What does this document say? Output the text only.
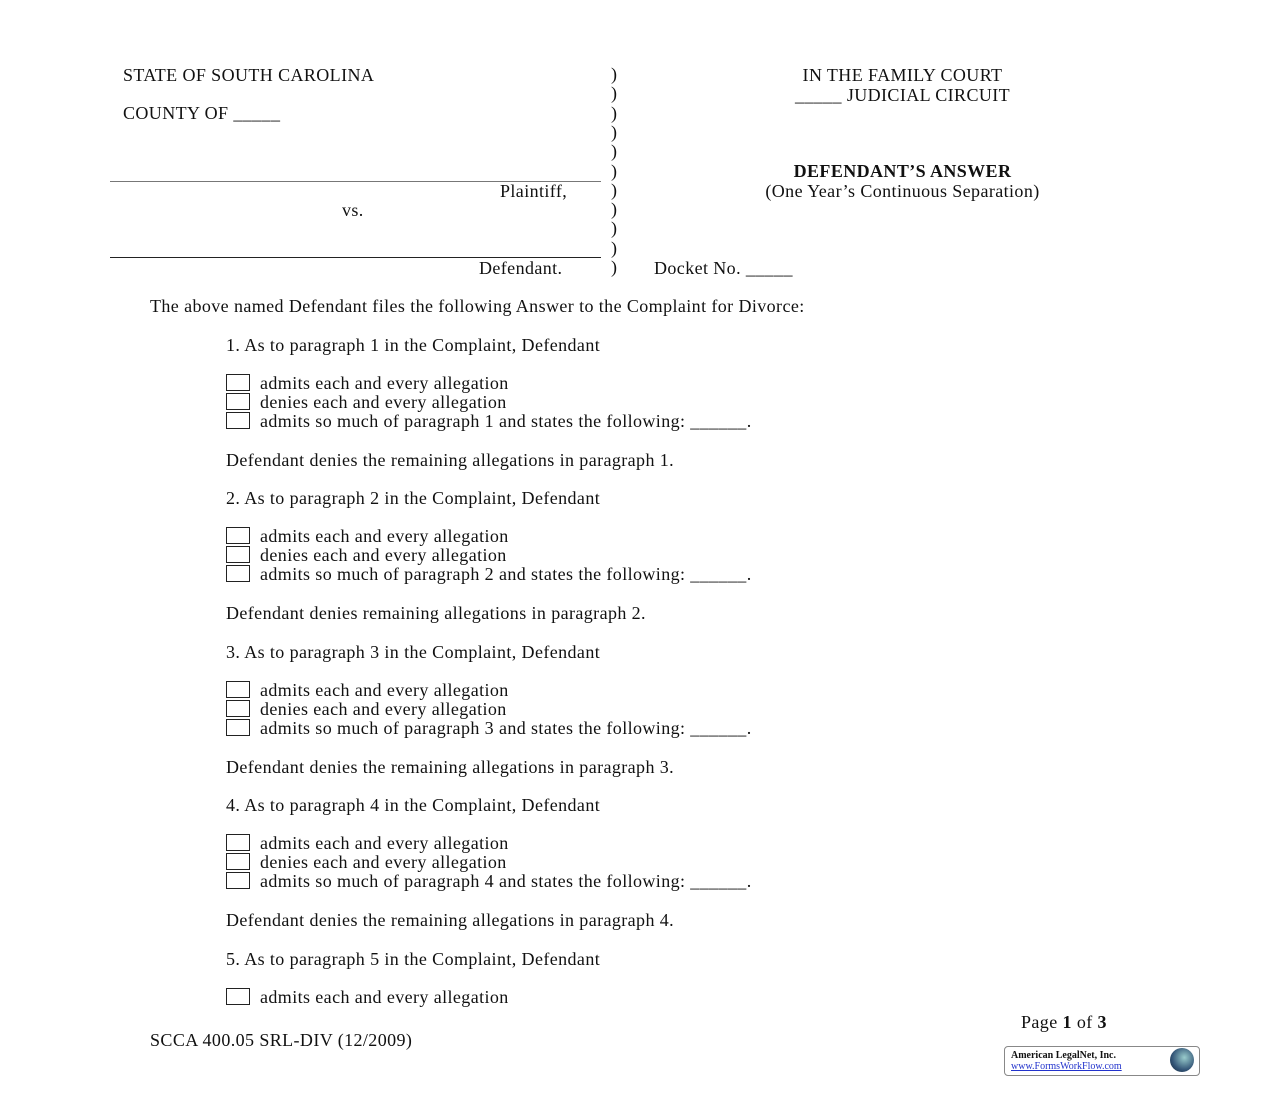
STATE OF SOUTH CAROLINA
COUNTY OF _____
Plaintiff,
vs.
Defendant.
)
)
)
)
)
)
)
)
)
)
)
IN THE FAMILY COURT
_____ JUDICIAL CIRCUIT
DEFENDANT’S ANSWER
(One Year’s Continuous Separation)
Docket No. _____
The above named Defendant files the following Answer to the Complaint for Divorce:
1. As to paragraph 1 in the Complaint, Defendant
admits each and every allegation
denies each and every allegation
admits so much of paragraph 1 and states the following: ______.
Defendant denies the remaining allegations in paragraph 1.
2. As to paragraph 2 in the Complaint, Defendant
admits each and every allegation
denies each and every allegation
admits so much of paragraph 2 and states the following: ______.
Defendant denies remaining allegations in paragraph 2.
3. As to paragraph 3 in the Complaint, Defendant
admits each and every allegation
denies each and every allegation
admits so much of paragraph 3 and states the following: ______.
Defendant denies the remaining allegations in paragraph 3.
4. As to paragraph 4 in the Complaint, Defendant
admits each and every allegation
denies each and every allegation
admits so much of paragraph 4 and states the following: ______.
Defendant denies the remaining allegations in paragraph 4.
5. As to paragraph 5 in the Complaint, Defendant
admits each and every allegation
Page 1 of 3
SCCA 400.05 SRL-DIV (12/2009)
American LegalNet, Inc.
www.FormsWorkFlow.com
